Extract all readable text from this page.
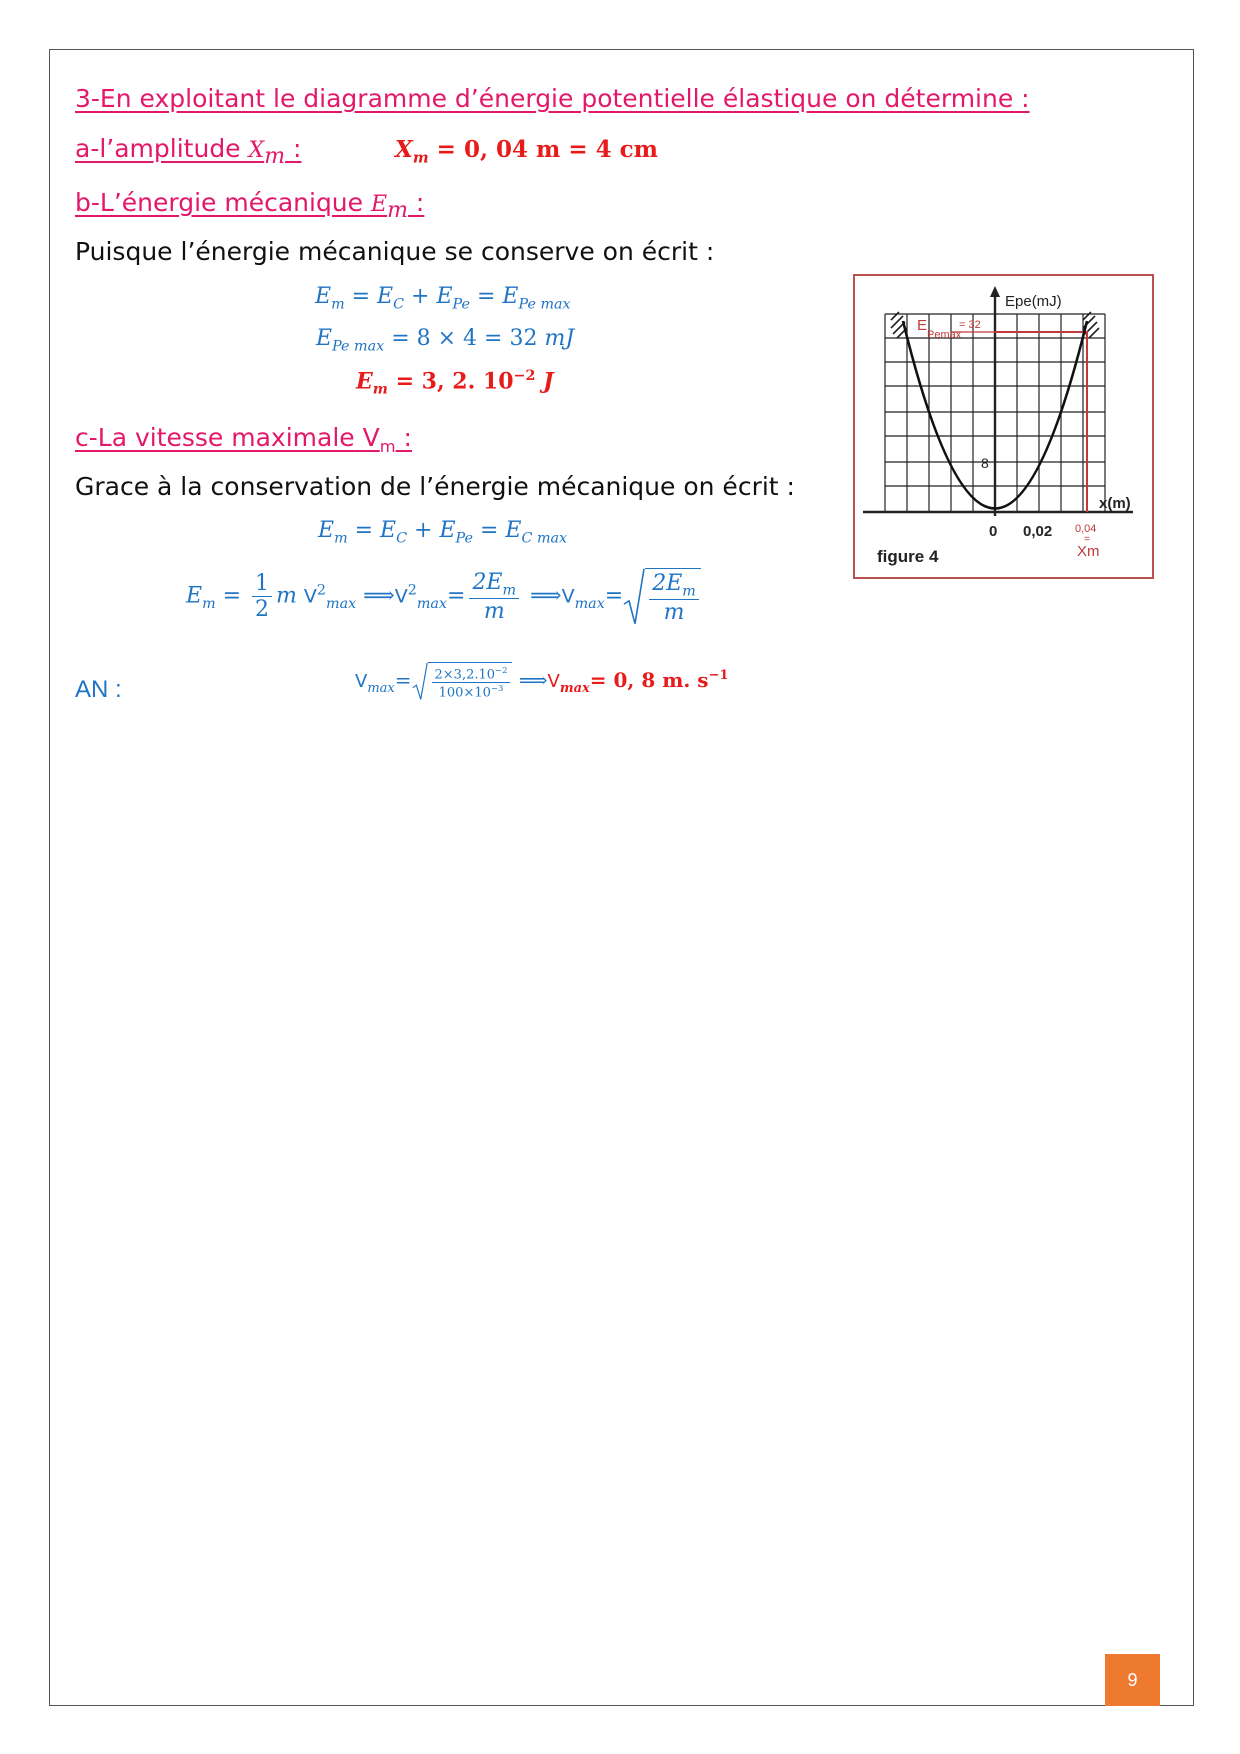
3-En exploitant le diagramme d’énergie potentielle élastique on détermine :
a-l’amplitude $X_m$ :	$X_m = 0$, 04 m = 4 cm
b-L’énergie mécanique $E_m$ :
Puisque l’énergie mécanique se conserve on écrit :
$E_m = E_C + E_{Pe} = E_{Pe max}$
$E_{Pe max} = 8 \times 4 = 32$ mJ
$E_m = 3$, 2. $10^{-2}$ J
c-La vitesse maximale $V_m$ :
Grace à la conservation de l’énergie mécanique on écrit :
$E_m = E_C + E_{Pe} = E_{C max}$
$E_m = \frac{1}{2}$ m $V^2_{max}$ $⟹V^2_{max}= \frac{2E_m}{m}$ $⟹V_{max}= \frac{2E_m}{m}$
AN :	$V_{max}= \frac{2\times 3,2.10^{-2}}{100\times 10^{-3}}$ $⟹V_{max}= 0$, 8 m. $s^{-1}$
Epe(mJ)
E
Pemax
= 32
8
x(m)
0 0,02 0,04
=
Xm
figure 4
9
